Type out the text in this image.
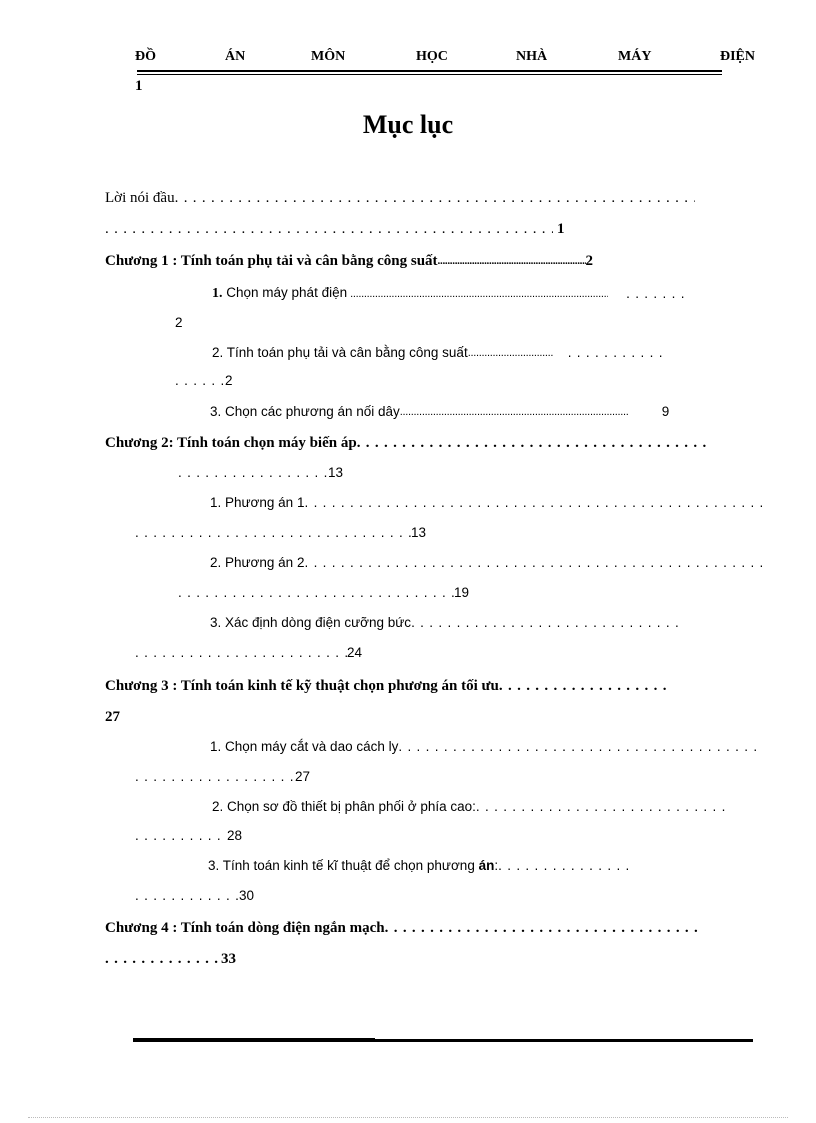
ĐỒ	ÁN	MÔN	HỌC	NHÀ	MÁY	ĐIỆN
1
Mục lục
Lời nói đầu. . .
. . .1
Chương 1 : Tính toán phụ tải và cân bằng công suất .....	2
1. Chọn máy phát điện...... . .
2
2. Tính toán phụ tải và cân bằng công suất...... . .
. . .2
3. Chọn các phương án nối dây .....	9
Chương 2: Tính toán chọn máy biến áp. . .
. . .13
1. Phương án 1. . .
. . .13
2. Phương án 2. . .
. . .19
3. Xác định dòng điện cưỡng bức. . .
. . .24
Chương 3 : Tính toán kinh tế kỹ thuật chọn phương án tối ưu. . .
27
1. Chọn máy cắt và dao cách ly. . .
. . .27
2. Chọn sơ đồ thiết bị phân phối ở phía cao:. . .
. . .28
3. Tính toán kinh tế kĩ thuật để chọn phương án:. . .
. . .30
Chương 4 : Tính toán dòng điện ngắn mạch. . .
. . .33
